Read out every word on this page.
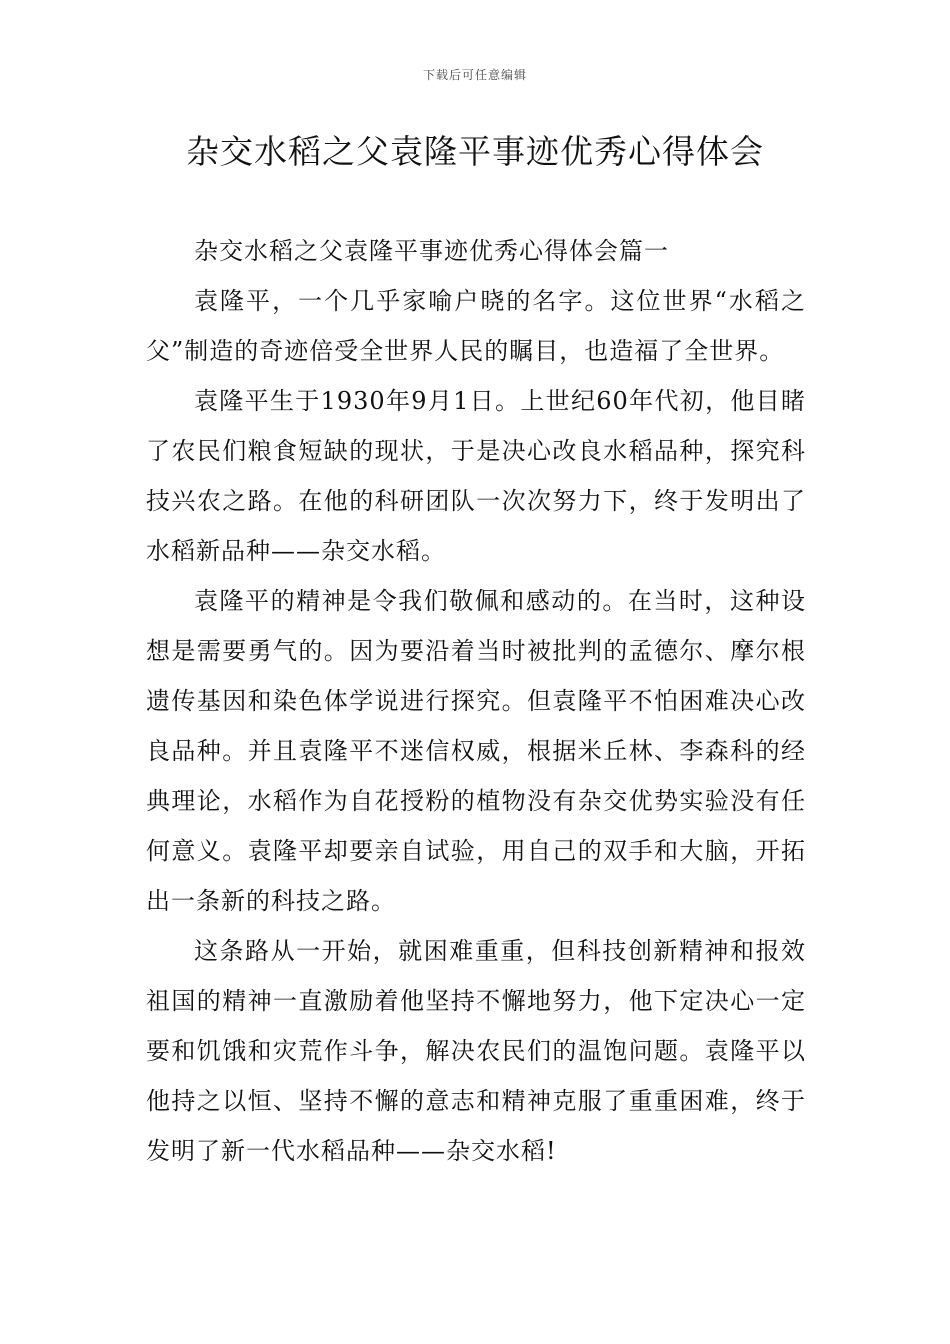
下载后可任意编辑
杂交水稻之父袁隆平事迹优秀心得体会

杂交水稻之父袁隆平事迹优秀心得体会篇一

袁隆平，一个几乎家喻户晓的名字。这位世界“水稻之父”制造的奇迹倍受全世界人民的瞩目，也造福了全世界。

袁隆平生于1930年9月1日。上世纪60年代初，他目睹了农民们粮食短缺的现状，于是决心改良水稻品种，探究科技兴农之路。在他的科研团队一次次努力下，终于发明出了水稻新品种——杂交水稻。

袁隆平的精神是令我们敬佩和感动的。在当时，这种设想是需要勇气的。因为要沿着当时被批判的孟德尔、摩尔根遗传基因和染色体学说进行探究。但袁隆平不怕困难决心改良品种。并且袁隆平不迷信权威，根据米丘林、李森科的经典理论，水稻作为自花授粉的植物没有杂交优势实验没有任何意义。袁隆平却要亲自试验，用自己的双手和大脑，开拓出一条新的科技之路。

这条路从一开始，就困难重重，但科技创新精神和报效祖国的精神一直激励着他坚持不懈地努力，他下定决心一定要和饥饿和灾荒作斗争，解决农民们的温饱问题。袁隆平以他持之以恒、坚持不懈的意志和精神克服了重重困难，终于发明了新一代水稻品种——杂交水稻!
